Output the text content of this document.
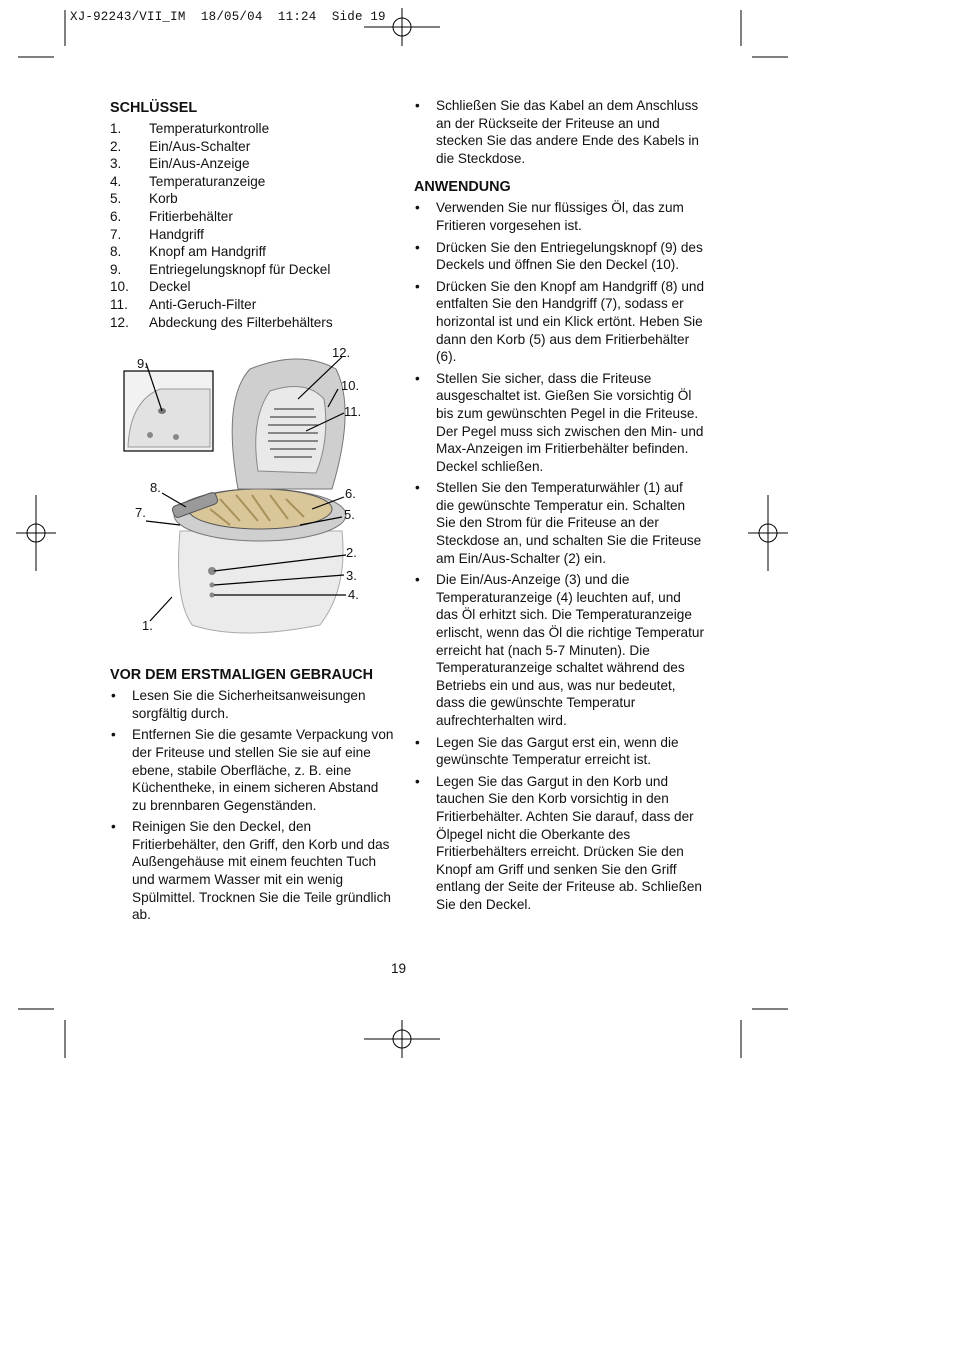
XJ-92243/VII_IM  18/05/04  11:24  Side 19
SCHLÜSSEL
1. Temperaturkontrolle
2. Ein/Aus-Schalter
3. Ein/Aus-Anzeige
4. Temperaturanzeige
5. Korb
6. Fritierbehälter
7. Handgriff
8. Knopf am Handgriff
9. Entriegelungsknopf für Deckel
10. Deckel
11. Anti-Geruch-Filter
12. Abdeckung des Filterbehälters
9.
12.
10.
11.
8.
7.
6.
5.
2.
3.
4.
1.
VOR DEM ERSTMALIGEN GEBRAUCH
• Lesen Sie die Sicherheitsanweisungen sorgfältig durch.
• Entfernen Sie die gesamte Verpackung von der Friteuse und stellen Sie sie auf eine ebene, stabile Oberfläche, z. B. eine Küchentheke, in einem sicheren Abstand zu brennbaren Gegenständen.
• Reinigen Sie den Deckel, den Fritierbehälter, den Griff, den Korb und das Außengehäuse mit einem feuchten Tuch und warmem Wasser mit ein wenig Spülmittel. Trocknen Sie die Teile gründlich ab.
• Schließen Sie das Kabel an dem Anschluss an der Rückseite der Friteuse an und stecken Sie das andere Ende des Kabels in die Steckdose.
ANWENDUNG
• Verwenden Sie nur flüssiges Öl, das zum Fritieren vorgesehen ist.
• Drücken Sie den Entriegelungsknopf (9) des Deckels und öffnen Sie den Deckel (10).
• Drücken Sie den Knopf am Handgriff (8) und entfalten Sie den Handgriff (7), sodass er horizontal ist und ein Klick ertönt. Heben Sie dann den Korb (5) aus dem Fritierbehälter (6).
• Stellen Sie sicher, dass die Friteuse ausgeschaltet ist. Gießen Sie vorsichtig Öl bis zum gewünschten Pegel in die Friteuse. Der Pegel muss sich zwischen den Min- und Max-Anzeigen im Fritierbehälter befinden. Deckel schließen.
• Stellen Sie den Temperaturwähler (1) auf die gewünschte Temperatur ein. Schalten Sie den Strom für die Friteuse an der Steckdose an, und schalten Sie die Friteuse am Ein/Aus-Schalter (2) ein.
• Die Ein/Aus-Anzeige (3) und die Temperaturanzeige (4) leuchten auf, und das Öl erhitzt sich. Die Temperaturanzeige erlischt, wenn das Öl die richtige Temperatur erreicht hat (nach 5-7 Minuten). Die Temperaturanzeige schaltet während des Betriebs ein und aus, was nur bedeutet, dass die gewünschte Temperatur aufrechterhalten wird.
• Legen Sie das Gargut erst ein, wenn die gewünschte Temperatur erreicht ist.
• Legen Sie das Gargut in den Korb und tauchen Sie den Korb vorsichtig in den Fritierbehälter. Achten Sie darauf, dass der Ölpegel nicht die Oberkante des Fritierbehälters erreicht. Drücken Sie den Knopf am Griff und senken Sie den Griff entlang der Seite der Friteuse ab. Schließen Sie den Deckel.
19
